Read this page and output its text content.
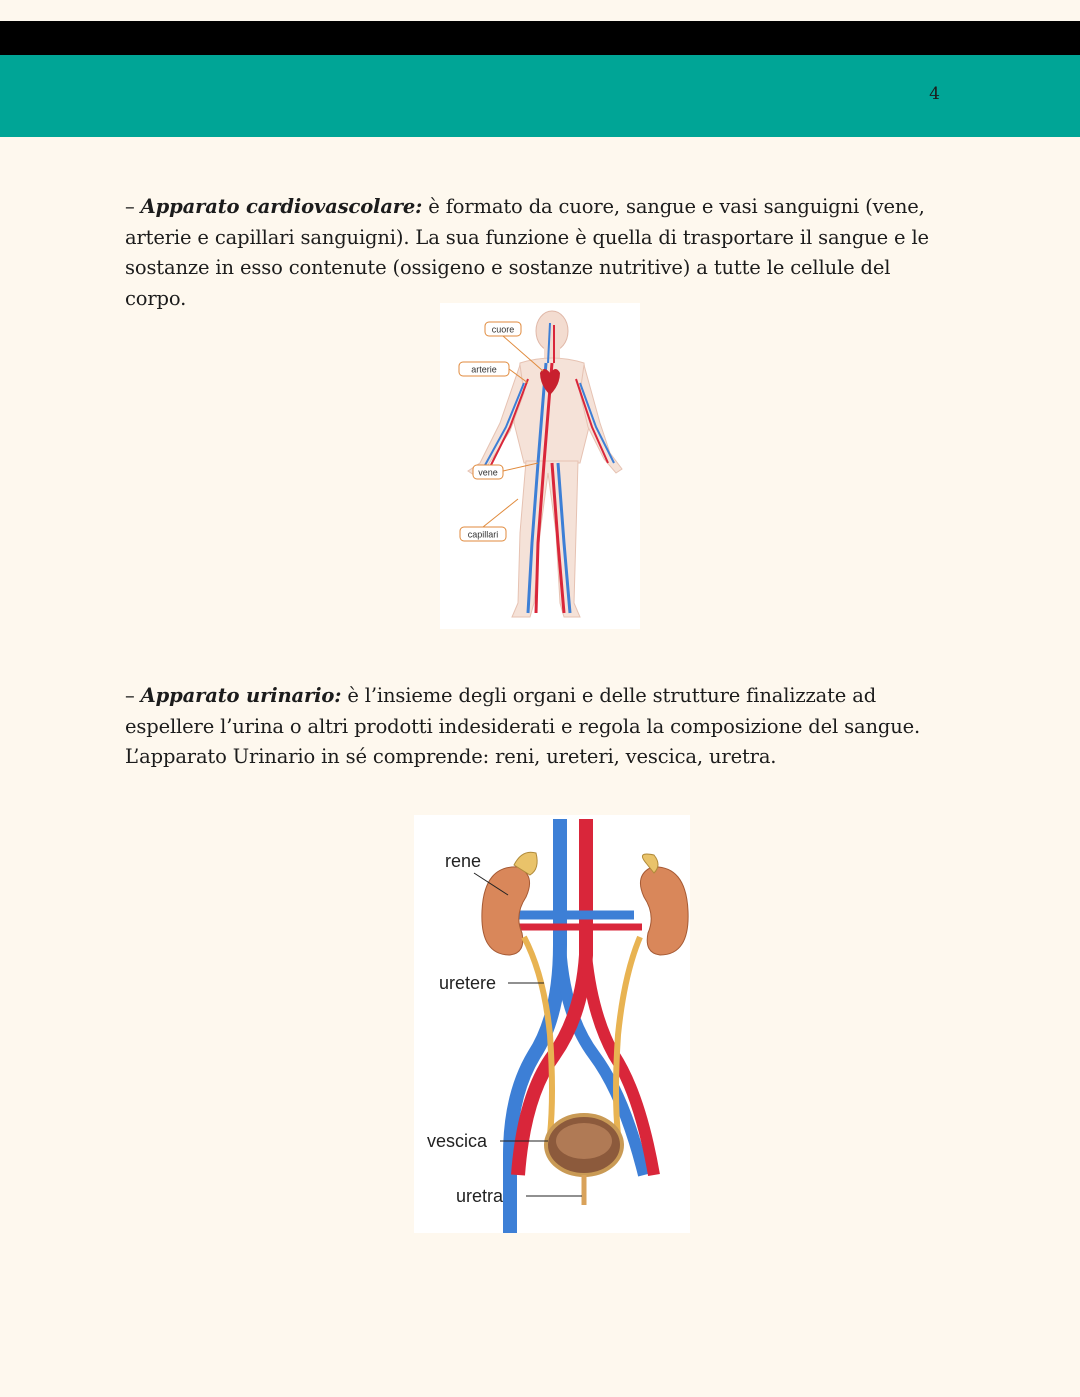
4
– Apparato cardiovascolare: è formato da cuore, sangue e vasi sanguigni (vene, arterie e capillari sanguigni). La sua funzione è quella di trasportare il sangue e le sostanze in esso contenute (ossigeno e sostanze nutritive) a tutte le cellule del corpo.
cuore
arterie
vene
capillari
– Apparato urinario: è l’insieme degli organi e delle strutture finalizzate ad espellere l’urina o altri prodotti indesiderati e regola la composizione del sangue. L’apparato Urinario in sé comprende: reni, ureteri, vescica, uretra.
rene
uretere
vescica
uretra
